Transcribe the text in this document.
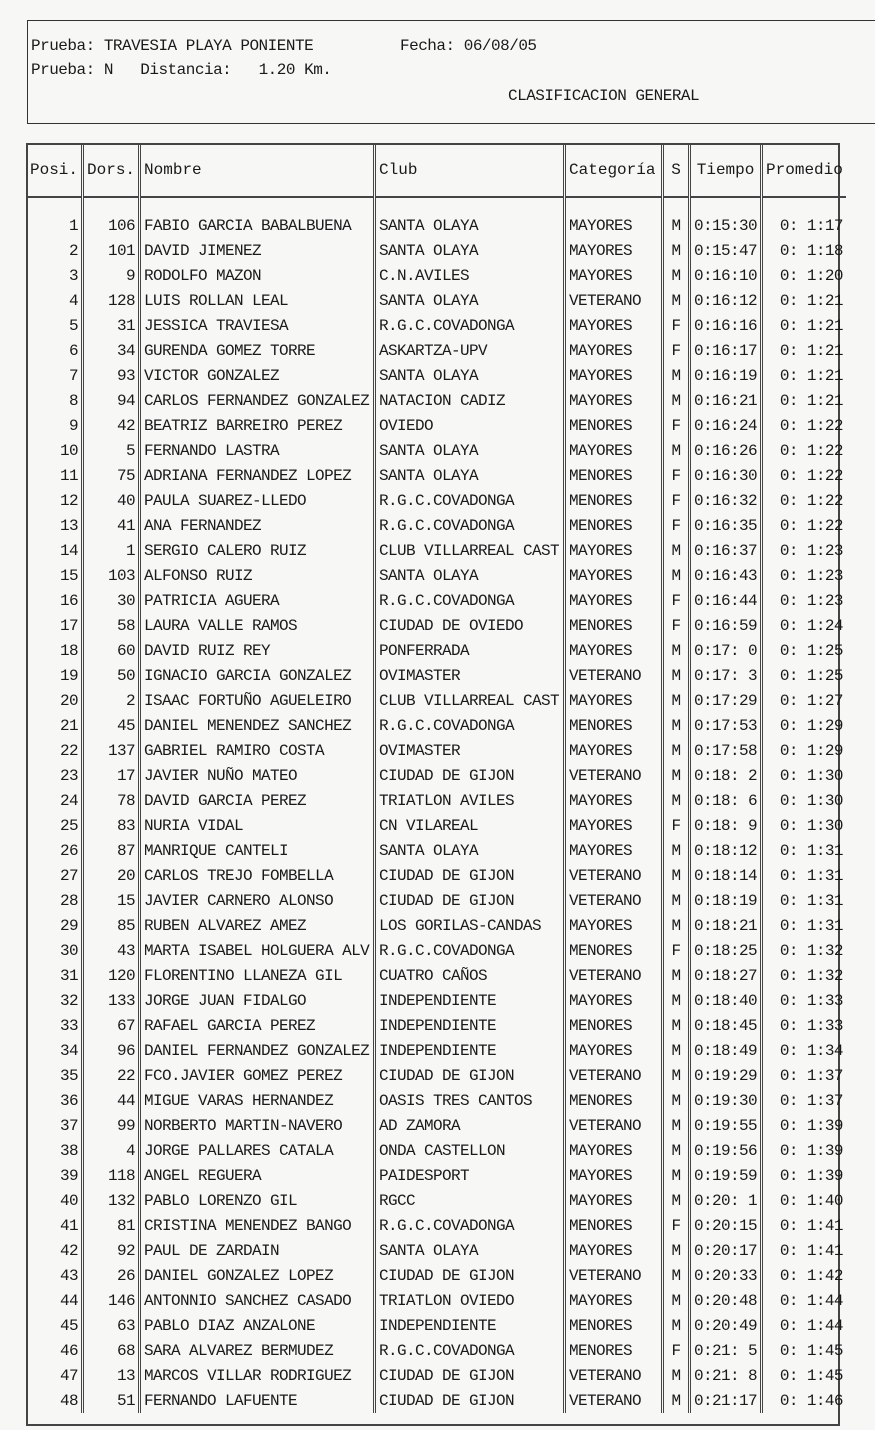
Prueba: TRAVESIA PLAYA PONIENTE	Fecha: 06/08/05
Prueba: N Distancia: 1.20 Km.
CLASIFICACION GENERAL
Posi.	Dors.	Nombre	Club	Categoría	S	Tiempo	Promedio

1	106	FABIO GARCIA BABALBUENA	SANTA OLAYA	MAYORES	M	0:15:30	0: 1:17
2	101	DAVID JIMENEZ	SANTA OLAYA	MAYORES	M	0:15:47	0: 1:18
3	9	RODOLFO MAZON	C.N.AVILES	MAYORES	M	0:16:10	0: 1:20
4	128	LUIS ROLLAN LEAL	SANTA OLAYA	VETERANO	M	0:16:12	0: 1:21
5	31	JESSICA TRAVIESA	R.G.C.COVADONGA	MAYORES	F	0:16:16	0: 1:21
6	34	GURENDA GOMEZ TORRE	ASKARTZA-UPV	MAYORES	F	0:16:17	0: 1:21
7	93	VICTOR GONZALEZ	SANTA OLAYA	MAYORES	M	0:16:19	0: 1:21
8	94	CARLOS FERNANDEZ GONZALEZ	NATACION CADIZ	MAYORES	M	0:16:21	0: 1:21
9	42	BEATRIZ BARREIRO PEREZ	OVIEDO	MENORES	F	0:16:24	0: 1:22
10	5	FERNANDO LASTRA	SANTA OLAYA	MAYORES	M	0:16:26	0: 1:22
11	75	ADRIANA FERNANDEZ LOPEZ	SANTA OLAYA	MENORES	F	0:16:30	0: 1:22
12	40	PAULA SUAREZ-LLEDO	R.G.C.COVADONGA	MENORES	F	0:16:32	0: 1:22
13	41	ANA FERNANDEZ	R.G.C.COVADONGA	MENORES	F	0:16:35	0: 1:22
14	1	SERGIO CALERO RUIZ	CLUB VILLARREAL CAST	MAYORES	M	0:16:37	0: 1:23
15	103	ALFONSO RUIZ	SANTA OLAYA	MAYORES	M	0:16:43	0: 1:23
16	30	PATRICIA AGUERA	R.G.C.COVADONGA	MAYORES	F	0:16:44	0: 1:23
17	58	LAURA VALLE RAMOS	CIUDAD DE OVIEDO	MENORES	F	0:16:59	0: 1:24
18	60	DAVID RUIZ REY	PONFERRADA	MAYORES	M	0:17: 0	0: 1:25
19	50	IGNACIO GARCIA GONZALEZ	OVIMASTER	VETERANO	M	0:17: 3	0: 1:25
20	2	ISAAC FORTUÑO AGUELEIRO	CLUB VILLARREAL CAST	MAYORES	M	0:17:29	0: 1:27
21	45	DANIEL MENENDEZ SANCHEZ	R.G.C.COVADONGA	MENORES	M	0:17:53	0: 1:29
22	137	GABRIEL RAMIRO COSTA	OVIMASTER	MAYORES	M	0:17:58	0: 1:29
23	17	JAVIER NUÑO MATEO	CIUDAD DE GIJON	VETERANO	M	0:18: 2	0: 1:30
24	78	DAVID GARCIA PEREZ	TRIATLON AVILES	MAYORES	M	0:18: 6	0: 1:30
25	83	NURIA VIDAL	CN VILAREAL	MAYORES	F	0:18: 9	0: 1:30
26	87	MANRIQUE CANTELI	SANTA OLAYA	MAYORES	M	0:18:12	0: 1:31
27	20	CARLOS TREJO FOMBELLA	CIUDAD DE GIJON	VETERANO	M	0:18:14	0: 1:31
28	15	JAVIER CARNERO ALONSO	CIUDAD DE GIJON	VETERANO	M	0:18:19	0: 1:31
29	85	RUBEN ALVAREZ AMEZ	LOS GORILAS-CANDAS	MAYORES	M	0:18:21	0: 1:31
30	43	MARTA ISABEL HOLGUERA ALV	R.G.C.COVADONGA	MENORES	F	0:18:25	0: 1:32
31	120	FLORENTINO LLANEZA GIL	CUATRO CAÑOS	VETERANO	M	0:18:27	0: 1:32
32	133	JORGE JUAN FIDALGO	INDEPENDIENTE	MAYORES	M	0:18:40	0: 1:33
33	67	RAFAEL GARCIA PEREZ	INDEPENDIENTE	MENORES	M	0:18:45	0: 1:33
34	96	DANIEL FERNANDEZ GONZALEZ	INDEPENDIENTE	MAYORES	M	0:18:49	0: 1:34
35	22	FCO.JAVIER GOMEZ PEREZ	CIUDAD DE GIJON	VETERANO	M	0:19:29	0: 1:37
36	44	MIGUE VARAS HERNANDEZ	OASIS TRES CANTOS	MENORES	M	0:19:30	0: 1:37
37	99	NORBERTO MARTIN-NAVERO	AD ZAMORA	VETERANO	M	0:19:55	0: 1:39
38	4	JORGE PALLARES CATALA	ONDA CASTELLON	MAYORES	M	0:19:56	0: 1:39
39	118	ANGEL REGUERA	PAIDESPORT	MAYORES	M	0:19:59	0: 1:39
40	132	PABLO LORENZO GIL	RGCC	MAYORES	M	0:20: 1	0: 1:40
41	81	CRISTINA MENENDEZ BANGO	R.G.C.COVADONGA	MENORES	F	0:20:15	0: 1:41
42	92	PAUL DE ZARDAIN	SANTA OLAYA	MAYORES	M	0:20:17	0: 1:41
43	26	DANIEL GONZALEZ LOPEZ	CIUDAD DE GIJON	VETERANO	M	0:20:33	0: 1:42
44	146	ANTONNIO SANCHEZ CASADO	TRIATLON OVIEDO	MAYORES	M	0:20:48	0: 1:44
45	63	PABLO DIAZ ANZALONE	INDEPENDIENTE	MENORES	M	0:20:49	0: 1:44
46	68	SARA ALVAREZ BERMUDEZ	R.G.C.COVADONGA	MENORES	F	0:21: 5	0: 1:45
47	13	MARCOS VILLAR RODRIGUEZ	CIUDAD DE GIJON	VETERANO	M	0:21: 8	0: 1:45
48	51	FERNANDO LAFUENTE	CIUDAD DE GIJON	VETERANO	M	0:21:17	0: 1:46
